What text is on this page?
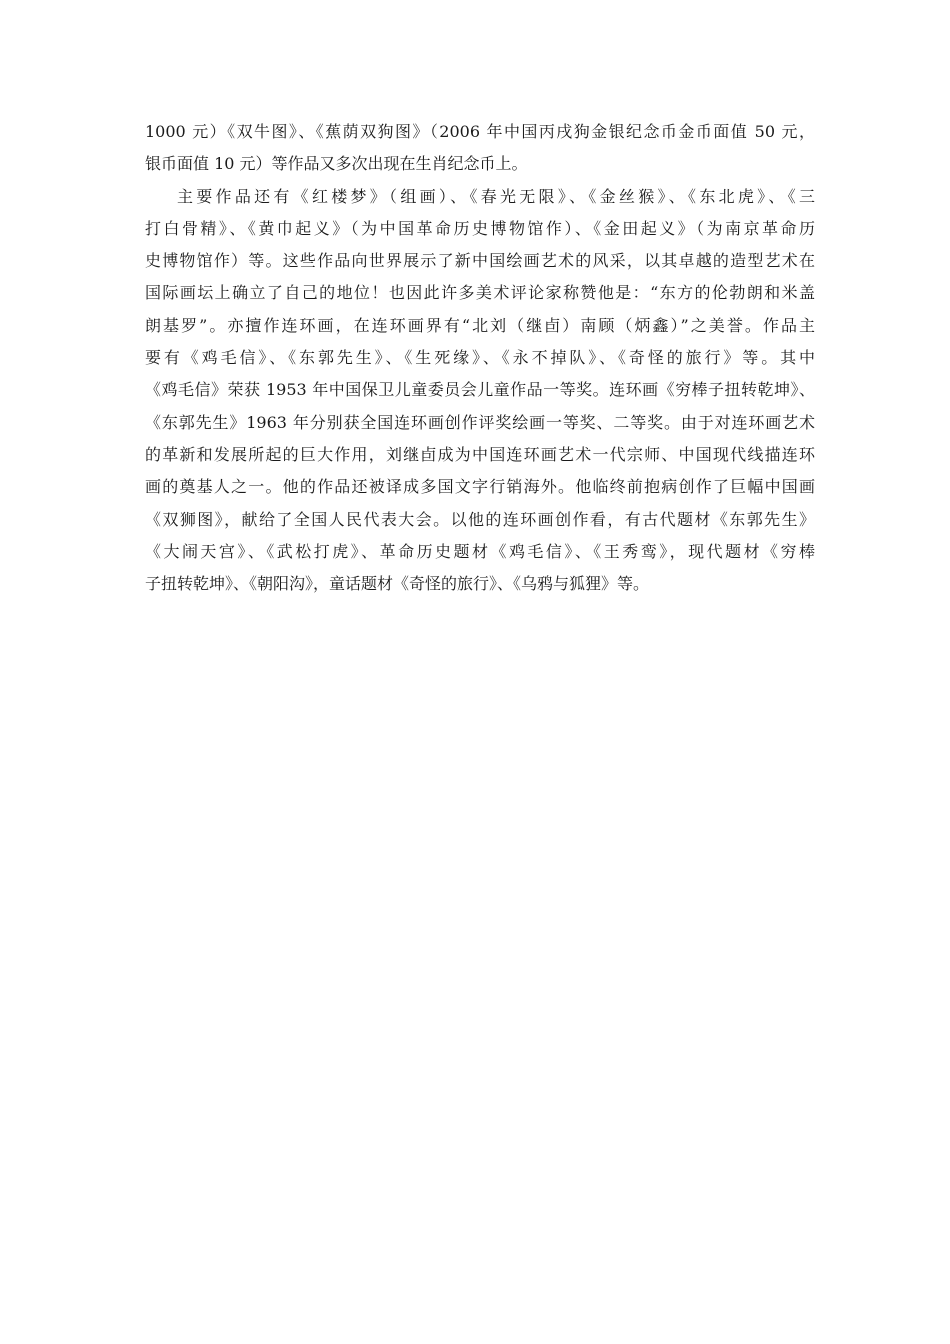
1000 元）《双牛图》、《蕉荫双狗图》（2006 年中国丙戌狗金银纪念币金币面值 50 元，
银币面值 10 元）等作品又多次出现在生肖纪念币上。
主要作品还有《红楼梦》（组画）、《春光无限》、《金丝猴》、《东北虎》、《三
打白骨精》、《黄巾起义》（为中国革命历史博物馆作）、《金田起义》（为南京革命历
史博物馆作）等。这些作品向世界展示了新中国绘画艺术的风采，以其卓越的造型艺术在
国际画坛上确立了自己的地位！也因此许多美术评论家称赞他是：“东方的伦勃朗和米盖
朗基罗”。亦擅作连环画，在连环画界有“北刘（继卣）南顾（炳鑫）”之美誉。作品主
要有《鸡毛信》、《东郭先生》、《生死缘》、《永不掉队》、《奇怪的旅行》等。其中
《鸡毛信》荣获 1953 年中国保卫儿童委员会儿童作品一等奖。连环画《穷棒子扭转乾坤》、
《东郭先生》1963 年分别获全国连环画创作评奖绘画一等奖、二等奖。由于对连环画艺术
的革新和发展所起的巨大作用，刘继卣成为中国连环画艺术一代宗师、中国现代线描连环
画的奠基人之一。他的作品还被译成多国文字行销海外。他临终前抱病创作了巨幅中国画
《双狮图》，献给了全国人民代表大会。以他的连环画创作看，有古代题材《东郭先生》
《大闹天宫》、《武松打虎》、革命历史题材《鸡毛信》、《王秀鸾》，现代题材《穷棒
子扭转乾坤》、《朝阳沟》，童话题材《奇怪的旅行》、《乌鸦与狐狸》等。
